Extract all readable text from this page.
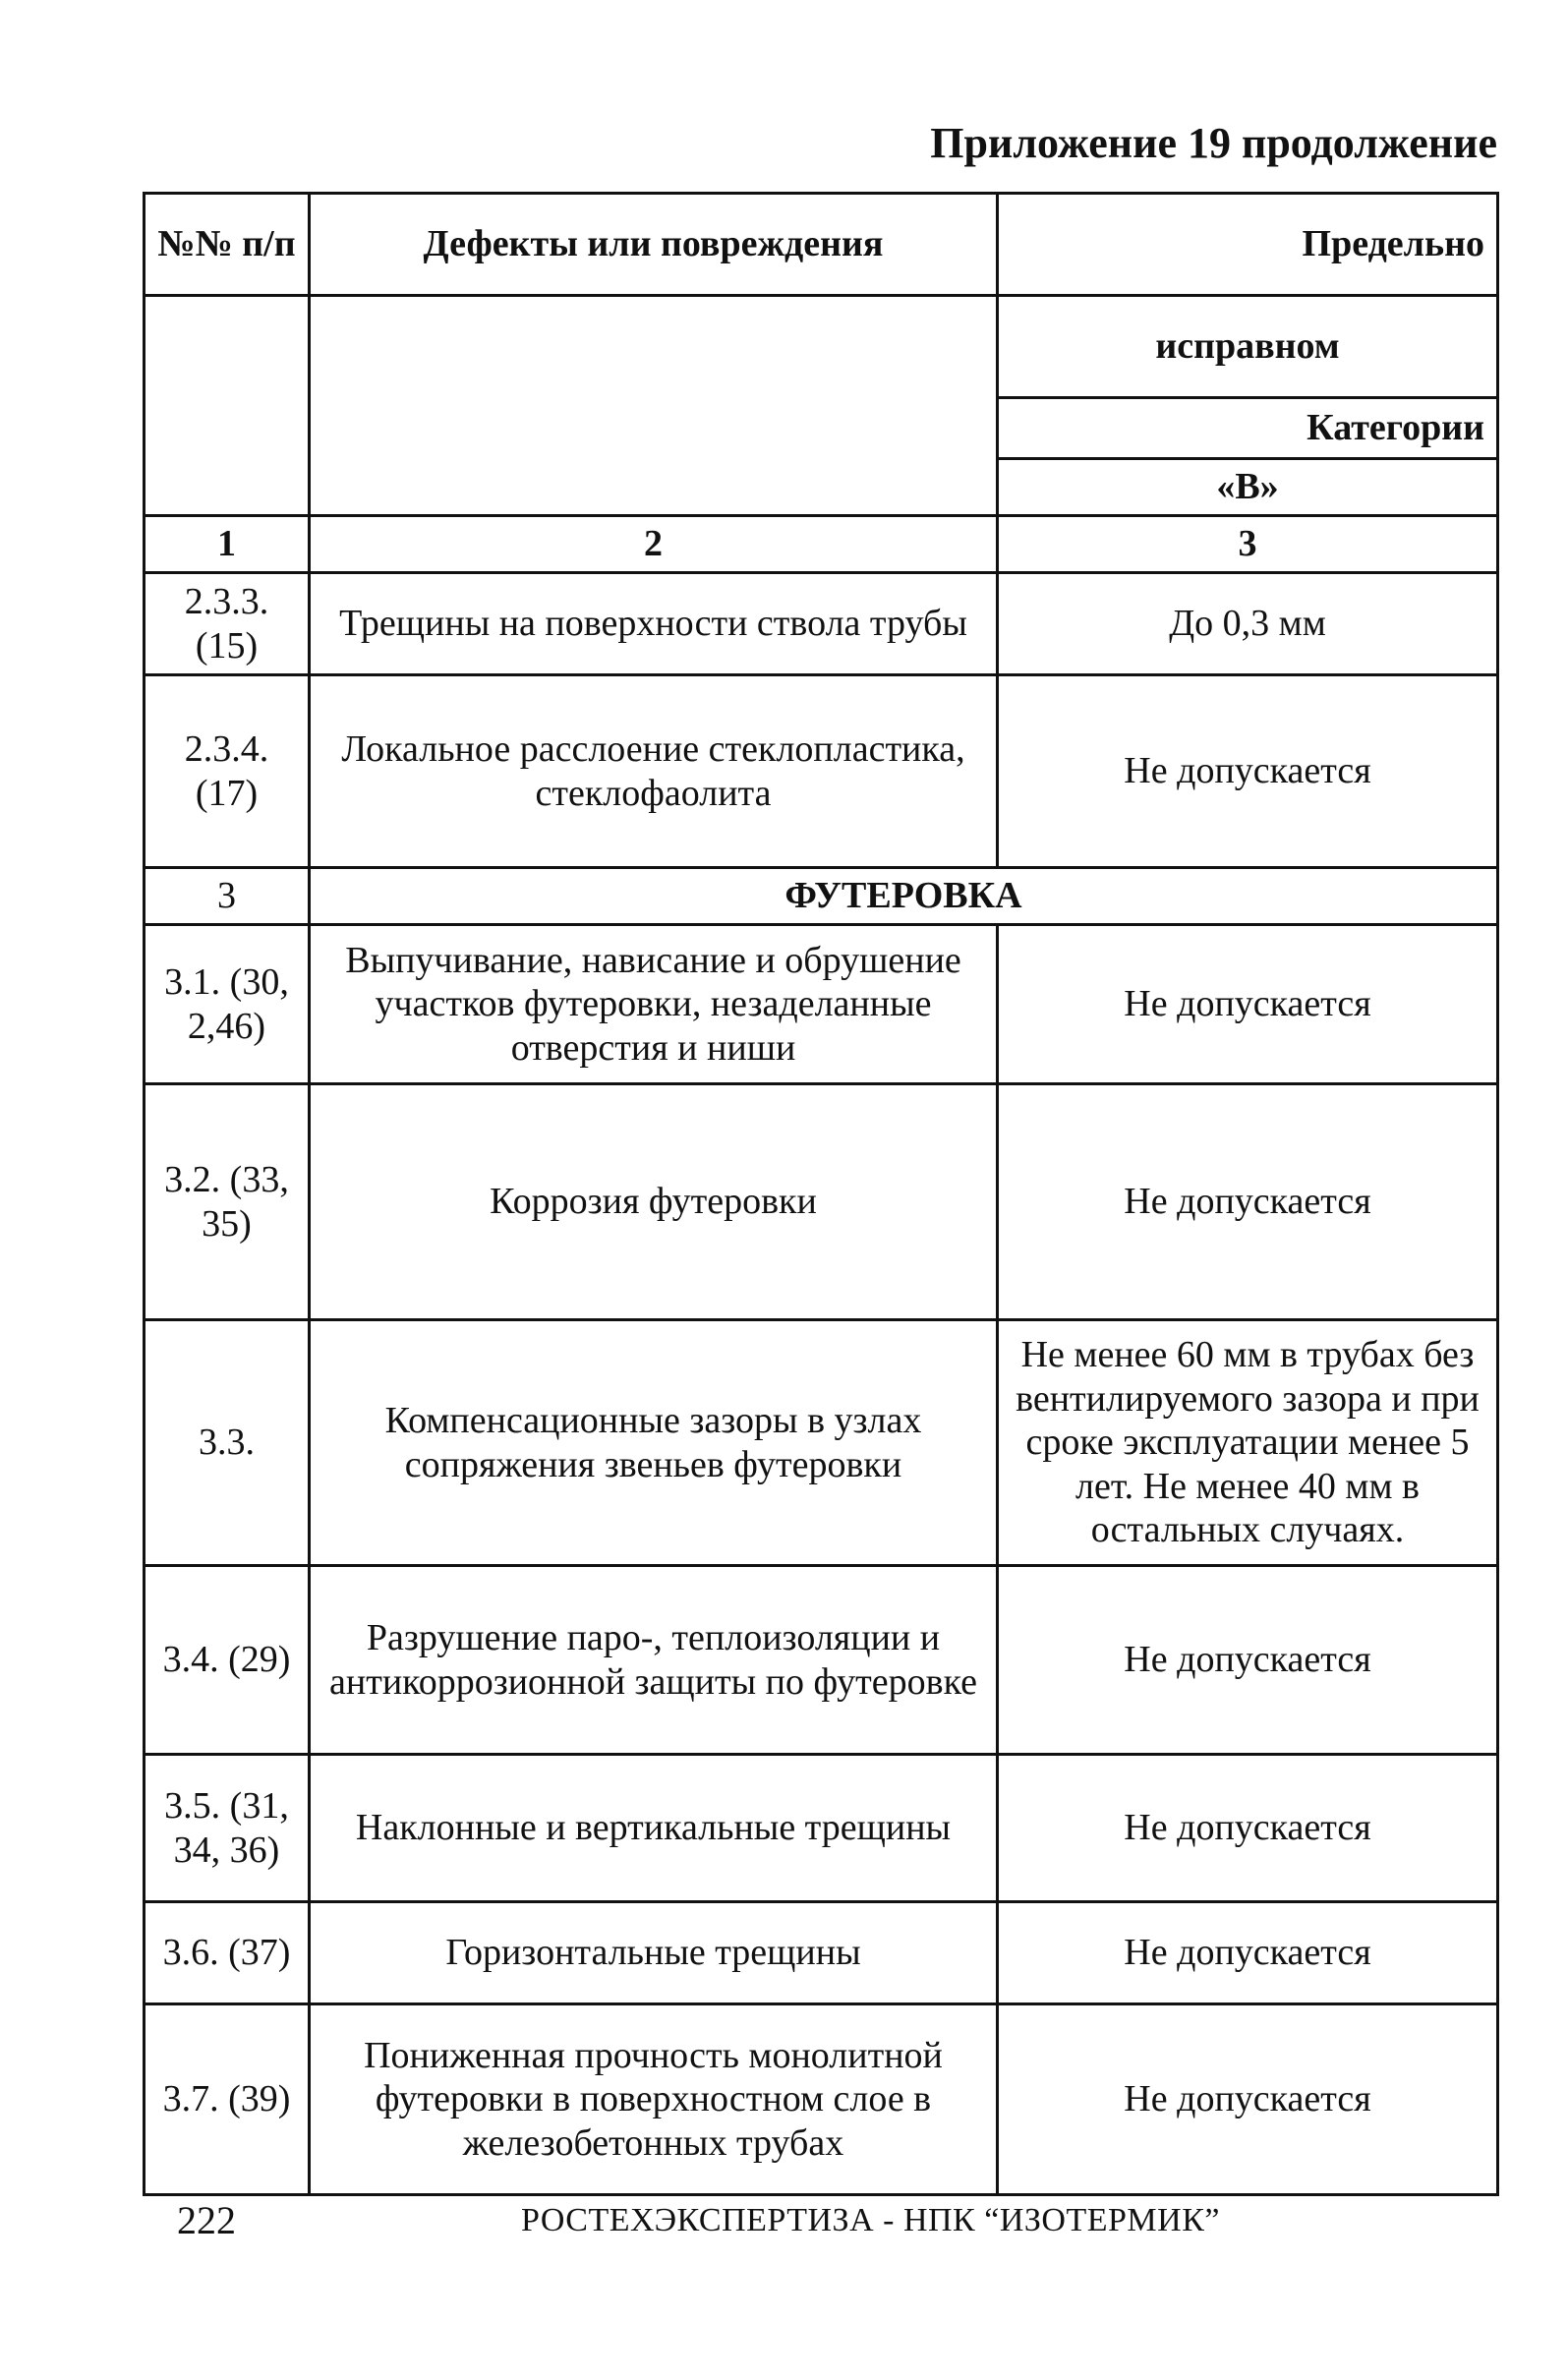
Приложение 19 продолжение
№№ п/п	Дефекты или повреждения	Предельно
		исправном
		Категории
		«В»
1	2	3
2.3.3. (15)	Трещины на поверхности ствола трубы	До 0,3 мм
2.3.4. (17)	Локальное расслоение стеклопластика, стеклофаолита	Не допускается
3	ФУТЕРОВКА	
3.1. (30, 2,46)	Выпучивание, нависание и обрушение участков футеровки, незаделанные отверстия и ниши	Не допускается
3.2. (33, 35)	Коррозия футеровки	Не допускается
3.3.	Компенсационные зазоры в узлах сопряжения звеньев футеровки	Не менее 60 мм в трубах без вентилируемого зазора и при сроке эксплуатации менее 5 лет. Не менее 40 мм в остальных случаях.
3.4. (29)	Разрушение паро-, теплоизоляции и антикоррозионной защиты по футеровке	Не допускается
3.5. (31, 34, 36)	Наклонные и вертикальные трещины	Не допускается
3.6. (37)	Горизонтальные трещины	Не допускается
3.7. (39)	Пониженная прочность монолитной футеровки в поверхностном слое в железобетонных трубах	Не допускается
222	РОСТЕХЭКСПЕРТИЗА - НПК “ИЗОТЕРМИК”
